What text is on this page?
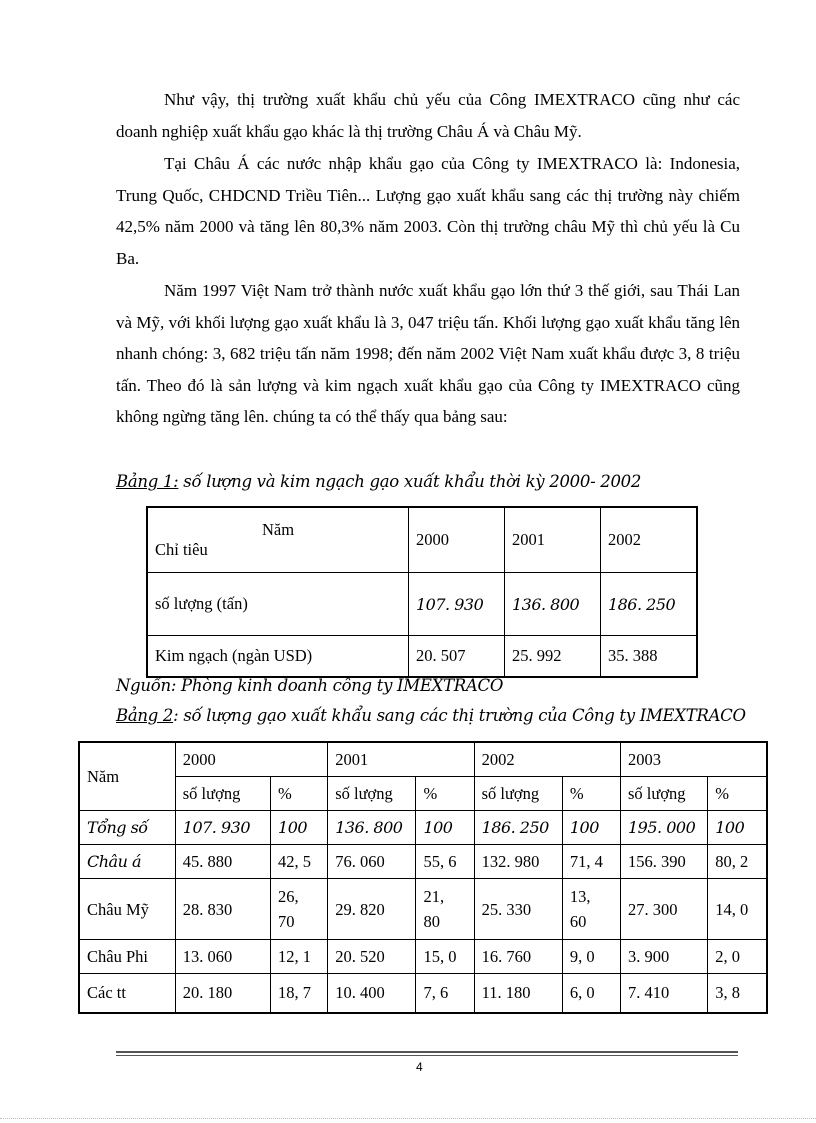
Như vậy, thị trường xuất khẩu chủ yếu của Công IMEXTRACO cũng như các doanh nghiệp xuất khẩu gạo khác là thị trường Châu Á và Châu Mỹ.

Tại Châu Á các nước nhập khẩu gạo của Công ty IMEXTRACO là: Indonesia, Trung Quốc, CHDCND Triều Tiên... Lượng gạo xuất khẩu sang các thị trường này chiếm 42,5% năm 2000 và tăng lên 80,3% năm 2003. Còn thị trường châu Mỹ thì chủ yếu là Cu Ba.

Năm 1997 Việt Nam trở thành nước xuất khẩu gạo lớn thứ 3 thế giới, sau Thái Lan và Mỹ, với khối lượng gạo xuất khẩu là 3, 047 triệu tấn. Khối lượng gạo xuất khẩu tăng lên nhanh chóng: 3, 682 triệu tấn năm 1998; đến năm 2002 Việt Nam xuất khẩu được 3, 8 triệu tấn. Theo đó là sản lượng và kim ngạch xuất khẩu gạo của Công ty IMEXTRACO cũng không ngừng tăng lên. chúng ta có thể thấy qua bảng sau:

Bảng 1: số lượng và kim ngạch gạo xuất khẩu thời kỳ 2000- 2002

Năm
Chỉ tiêu	2000	2001	2002
số lượng (tấn)	107. 930	136. 800	186. 250
Kim ngạch (ngàn USD)	20. 507	25. 992	35. 388

Nguồn: Phòng kinh doanh công ty IMEXTRACO

Bảng 2: số lượng gạo xuất khẩu sang các thị trường của Công ty IMEXTRACO

Năm	2000		2001		2002		2003	
	số lượng	%	số lượng	%	số lượng	%	số lượng	%
Tổng số	107. 930	100	136. 800	100	186. 250	100	195. 000	100
Châu á	45. 880	42, 5	76. 060	55, 6	132. 980	71, 4	156. 390	80, 2
Châu Mỹ	28. 830	26, 70	29. 820	21, 80	25. 330	13, 60	27. 300	14, 0
Châu Phi	13. 060	12, 1	20. 520	15, 0	16. 760	9, 0	3. 900	2, 0
Các tt	20. 180	18, 7	10. 400	7, 6	11. 180	6, 0	7. 410	3, 8
4
